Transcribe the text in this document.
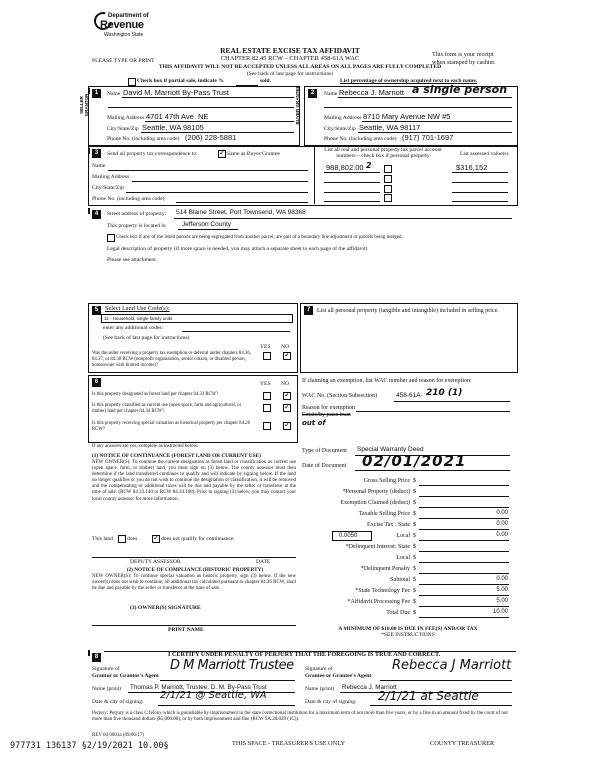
Department of
Revenue
Washington State
PLEASE TYPE OR PRINT
REAL ESTATE EXCISE TAX AFFIDAVIT
CHAPTER 82.45 RCW – CHAPTER 458-61A WAC
THIS AFFIDAVIT WILL NOT BE ACCEPTED UNLESS ALL AREAS ON ALL PAGES ARE FULLY COMPLETED
(See back of last page for instructions)
This form is your receipt
when stamped by cashier.
Check box if partial sale, indicate %	sold.	List percentage of ownership acquired next to each name.
1
SELLER GRANTOR	Name David M. Marriott By-Pass Trust
Mailing Address 4701 47th Ave. NE
City/State/Zip Seattle, WA 98105
Phone No. (including area code) (206) 228-5881
2
BUYER GRANTEE	Name Rebecca J. Marriott a single person
Mailing Address 8710 Mary Avenue NW #5
City/State/Zip Seattle, WA 98117
Phone No. (including area code) (917) 701-1697
3	Send all property tax correspondence to: ✓	Same as Buyer/Grantee
Name
Mailing Address
City/State/Zip
Phone No. (including area code)
List all real and personal property tax parcel account
numbers – check box if personal property	List assessed value(s)
988,802.00 2	$316,152
4	Street address of property: 514 Blaine Street, Port Townsend, WA 98368
This property is located in	Jefferson County
Check box if any of the listed parcels are being segregated from another parcel, are part of a boundary line adjustment or parcels being merged.
Legal description of property (if more space is needed, you may attach a separate sheet to each page of the affidavit)
Please see attachment.
5	Select Land Use Code(s):
11 - Household, single family units
enter any additional codes:
(See back of last page for instructions)
YES NO
Was the seller receiving a property tax exemption or deferral under chapters 84.36, 84.37, or 84.38 RCW (nonprofit organization, senior citizen, or disabled person, homeowner with limited income)?
✓
6	YES NO
Is this property designated as forest land per chapter 84.33 RCW?
✓
Is this property classified as current use (open space, farm and agricultural, or timber) land per chapter 84.34 RCW?
✓
Is this property receiving special valuation as historical property per chapter 84.26 RCW?
✓
If any answers are yes, complete as instructed below.
(1) NOTICE OF CONTINUANCE (FOREST LAND OR CURRENT USE)
NEW OWNER(S): To continue the current designation as forest land or classification as current use (open space, farm, or timber) land, you must sign on (3) below. The county assessor must then determine if the land transferred continues to qualify and will indicate by signing below. If the land no longer qualifies or you do not wish to continue the designation or classification, it will be removed and the compensating or additional taxes will be due and payable by the seller or transferor at the time of sale. (RCW 84.33.140 or RCW 84.34.108). Prior to signing (3) below, you may contact your local county assessor for more information.
This land	does ✓	does not qualify for continuance.
DEPUTY ASSESSOR	DATE
(2) NOTICE OF COMPLIANCE (HISTORIC PROPERTY)
NEW OWNER(S): To continue special valuation as historic property, sign (3) below. If the new owner(s) does not wish to continue, all additional tax calculated pursuant to chapter 84.26 RCW, shall be due and payable by the seller or transferor at the time of sale.
(3) OWNER(S) SIGNATURE
PRINT NAME
7	List all personal property (tangible and intangible) included in selling price.
If claiming an exemption, list WAC number and reason for exemption:
WAC No. (Section/Subsection)	458-61A- 210 (1)
Reason for exemption
Estate/by-pass trust
out of
Type of Document Special Warranty Deed
Date of Document 02/01/2021
Gross Selling Price $
*Personal Property (deduct) $
Exemption Claimed (deduct) $
Taxable Selling Price $	0.00
Excise Tax : State $	0.00
0.0050	Local $	0.00
*Delinquent Interest: State $
Local $
*Delinquent Penalty $
Subtotal $	0.00
*State Technology Fee $	5.00
*Affidavit Processing Fee $	5.00
Total Due $	10.00
A MINIMUM OF $10.00 IS DUE IN FEE(S) AND/OR TAX
*SEE INSTRUCTIONS
8	I CERTIFY UNDER PENALTY OF PERJURY THAT THE FOREGOING IS TRUE AND CORRECT.
Signature of
Grantor or Grantor's Agent
D M Marriott Trustee
Name (print) Thomas P. Marriott, Trustee, D. M. By-Pass Trust
Date & city of signing:
2/1/21 @ Seattle, WA
Signature of
Grantee or Grantee's Agent
Rebecca J Marriott
Name (print) Rebecca J. Marriott
Date & city of signing: 2/1/21 at Seattle
Perjury: Perjury is a class C felony which is punishable by imprisonment in the state correctional institution for a maximum term of not more than five years, or by a fine in an amount fixed by the court of not more than five thousand dollars ($5,000.00), or by both imprisonment and fine (RCW 9A.20.020 (1C)).
REV 84 0001a (09/06/17)
977731 136137 §2/19/2021 10.00§	THIS SPACE - TREASURER'S USE ONLY	COUNTY TREASURER
